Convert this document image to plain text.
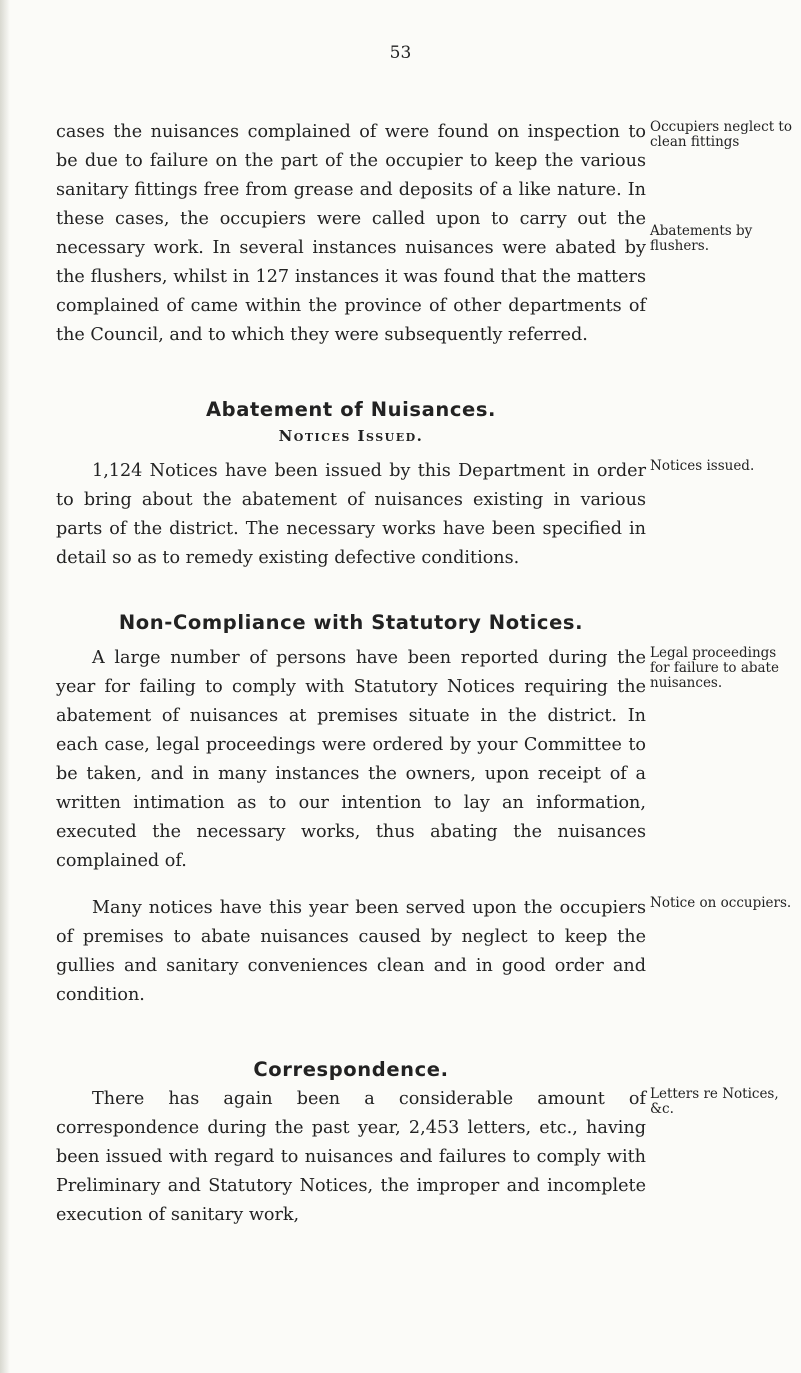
53

cases the nuisances complained of were found on inspection to be due to failure on the part of the occupier to keep the various sanitary fittings free from grease and deposits of a like nature. In these cases, the occupiers were called upon to carry out the necessary work. In several instances nuisances were abated by the flushers, whilst in 127 instances it was found that the matters complained of came within the province of other departments of the Council, and to which they were subsequently referred.

Occupiers neglect to clean fittings

Abatements by flushers.

Abatement of Nuisances.
Notices Issued.

1,124 Notices have been issued by this Department in order to bring about the abatement of nuisances existing in various parts of the district. The necessary works have been specified in detail so as to remedy existing defective conditions.

Notices issued.

Non-Compliance with Statutory Notices.

A large number of persons have been reported during the year for failing to comply with Statutory Notices requiring the abatement of nuisances at premises situate in the district. In each case, legal proceedings were ordered by your Committee to be taken, and in many instances the owners, upon receipt of a written intimation as to our intention to lay an information, executed the necessary works, thus abating the nuisances complained of.

Legal proceedings for failure to abate nuisances.

Many notices have this year been served upon the occupiers of premises to abate nuisances caused by neglect to keep the gullies and sanitary conveniences clean and in good order and condition.

Notice on occupiers.

Correspondence.

There has again been a considerable amount of correspondence during the past year, 2,453 letters, etc., having been issued with regard to nuisances and failures to comply with Preliminary and Statutory Notices, the improper and incomplete execution of sanitary work,

Letters re Notices, &c.
